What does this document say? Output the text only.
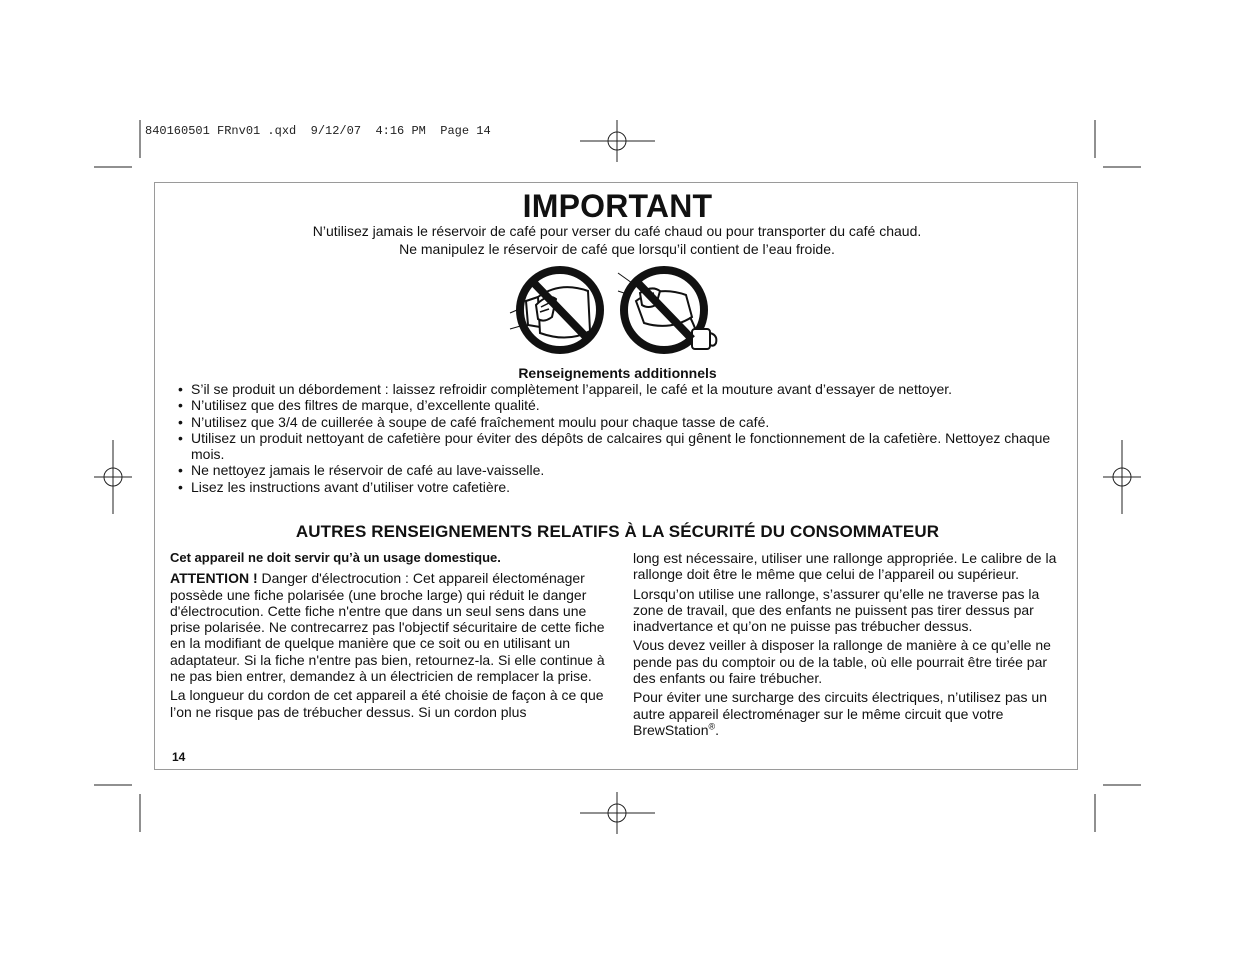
840160501 FRnv01 .qxd  9/12/07  4:16 PM  Page 14
IMPORTANT
N’utilisez jamais le réservoir de café pour verser du café chaud ou pour transporter du café chaud.
Ne manipulez le réservoir de café que lorsqu’il contient de l’eau froide.
Renseignements additionnels
• S’il se produit un débordement : laissez refroidir complètement l’appareil, le café et la mouture avant d’essayer de nettoyer.
• N’utilisez que des filtres de marque, d’excellente qualité.
• N’utilisez que 3/4 de cuillerée à soupe de café fraîchement moulu pour chaque tasse de café.
• Utilisez un produit nettoyant de cafetière pour éviter des dépôts de calcaires qui gênent le fonctionnement de la cafetière. Nettoyez chaque mois.
• Ne nettoyez jamais le réservoir de café au lave-vaisselle.
• Lisez les instructions avant d’utiliser votre cafetière.
AUTRES RENSEIGNEMENTS RELATIFS À LA SÉCURITÉ DU CONSOMMATEUR

Cet appareil ne doit servir qu’à un usage domestique.

ATTENTION ! Danger d'électrocution : Cet appareil électoménager possède une fiche polarisée (une broche large) qui réduit le danger d'électrocution. Cette fiche n'entre que dans un seul sens dans une prise polarisée. Ne contrecarrez pas l'objectif sécuritaire de cette fiche en la modifiant de quelque manière que ce soit ou en utilisant un adaptateur. Si la fiche n'entre pas bien, retournez-la. Si elle continue à ne pas bien entrer, demandez à un électricien de remplacer la prise.

La longueur du cordon de cet appareil a été choisie de façon à ce que l’on ne risque pas de trébucher dessus. Si un cordon plus

long est nécessaire, utiliser une rallonge appropriée. Le calibre de la rallonge doit être le même que celui de l’appareil ou supérieur.

Lorsqu’on utilise une rallonge, s’assurer qu’elle ne traverse pas la zone de travail, que des enfants ne puissent pas tirer dessus par inadvertance et qu’on ne puisse pas trébucher dessus.

Vous devez veiller à disposer la rallonge de manière à ce qu’elle ne pende pas du comptoir ou de la table, où elle pourrait être tirée par des enfants ou faire trébucher.

Pour éviter une surcharge des circuits électriques, n’utilisez pas un autre appareil électroménager sur le même circuit que votre BrewStation®.

14
